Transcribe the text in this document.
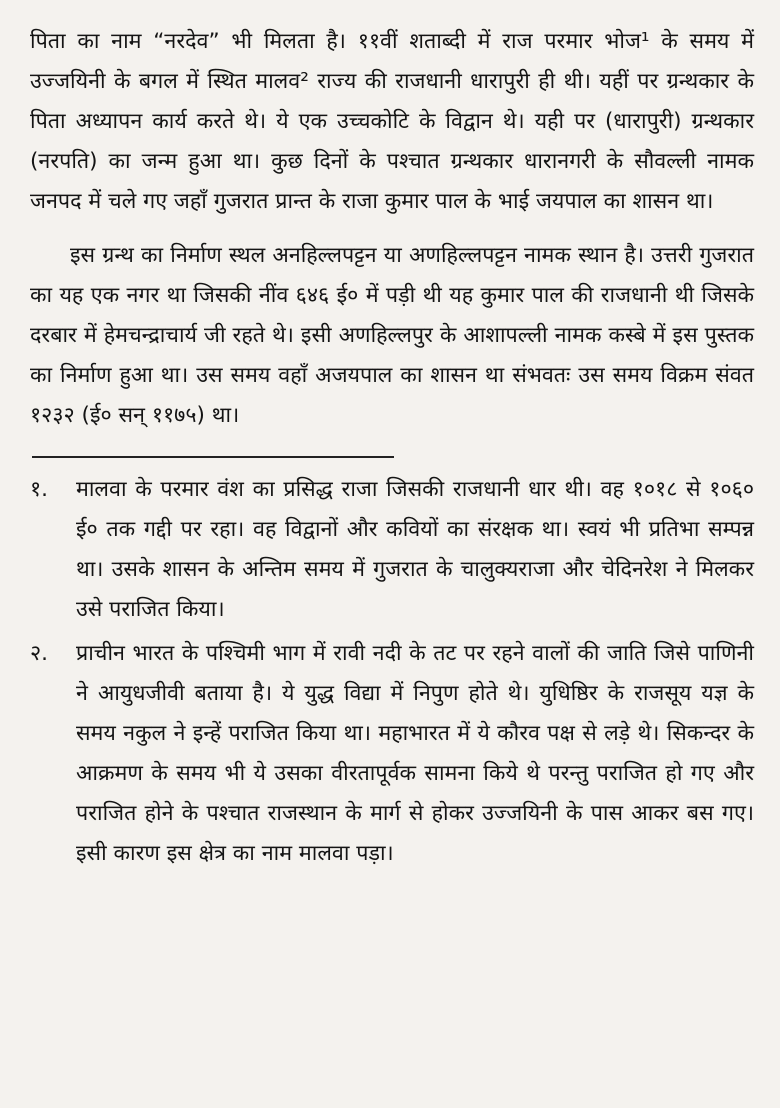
पिता का नाम “नरदेव” भी मिलता है। ११वीं शताब्दी में राज परमार भोज¹ के समय में उज्जयिनी के बगल में स्थित मालव² राज्य की राजधानी धारापुरी ही थी। यहीं पर ग्रन्थकार के पिता अध्यापन कार्य करते थे। ये एक उच्चकोटि के विद्वान थे। यही पर (धारापुरी) ग्रन्थकार (नरपति) का जन्म हुआ था। कुछ दिनों के पश्चात ग्रन्थकार धारानगरी के सौवल्ली नामक जनपद में चले गए जहाँ गुजरात प्रान्त के राजा कुमार पाल के भाई जयपाल का शासन था।

इस ग्रन्थ का निर्माण स्थल अनहिल्लपट्टन या अणहिल्लपट्टन नामक स्थान है। उत्तरी गुजरात का यह एक नगर था जिसकी नींव ६४६ ई० में पड़ी थी यह कुमार पाल की राजधानी थी जिसके दरबार में हेमचन्द्राचार्य जी रहते थे। इसी अणहिल्लपुर के आशापल्ली नामक कस्बे में इस पुस्तक का निर्माण हुआ था। उस समय वहाँ अजयपाल का शासन था संभवतः उस समय विक्रम संवत १२३२ (ई० सन् ११७५) था।

१.	मालवा के परमार वंश का प्रसिद्ध राजा जिसकी राजधानी धार थी। वह १०१८ से १०६० ई० तक गद्दी पर रहा। वह विद्वानों और कवियों का संरक्षक था। स्वयं भी प्रतिभा सम्पन्न था। उसके शासन के अन्तिम समय में गुजरात के चालुक्यराजा और चेदिनरेश ने मिलकर उसे पराजित किया।
२.	प्राचीन भारत के पश्चिमी भाग में रावी नदी के तट पर रहने वालों की जाति जिसे पाणिनी ने आयुधजीवी बताया है। ये युद्ध विद्या में निपुण होते थे। युधिष्ठिर के राजसूय यज्ञ के समय नकुल ने इन्हें पराजित किया था। महाभारत में ये कौरव पक्ष से लड़े थे। सिकन्दर के आक्रमण के समय भी ये उसका वीरतापूर्वक सामना किये थे परन्तु पराजित हो गए और पराजित होने के पश्चात राजस्थान के मार्ग से होकर उज्जयिनी के पास आकर बस गए। इसी कारण इस क्षेत्र का नाम मालवा पड़ा।
